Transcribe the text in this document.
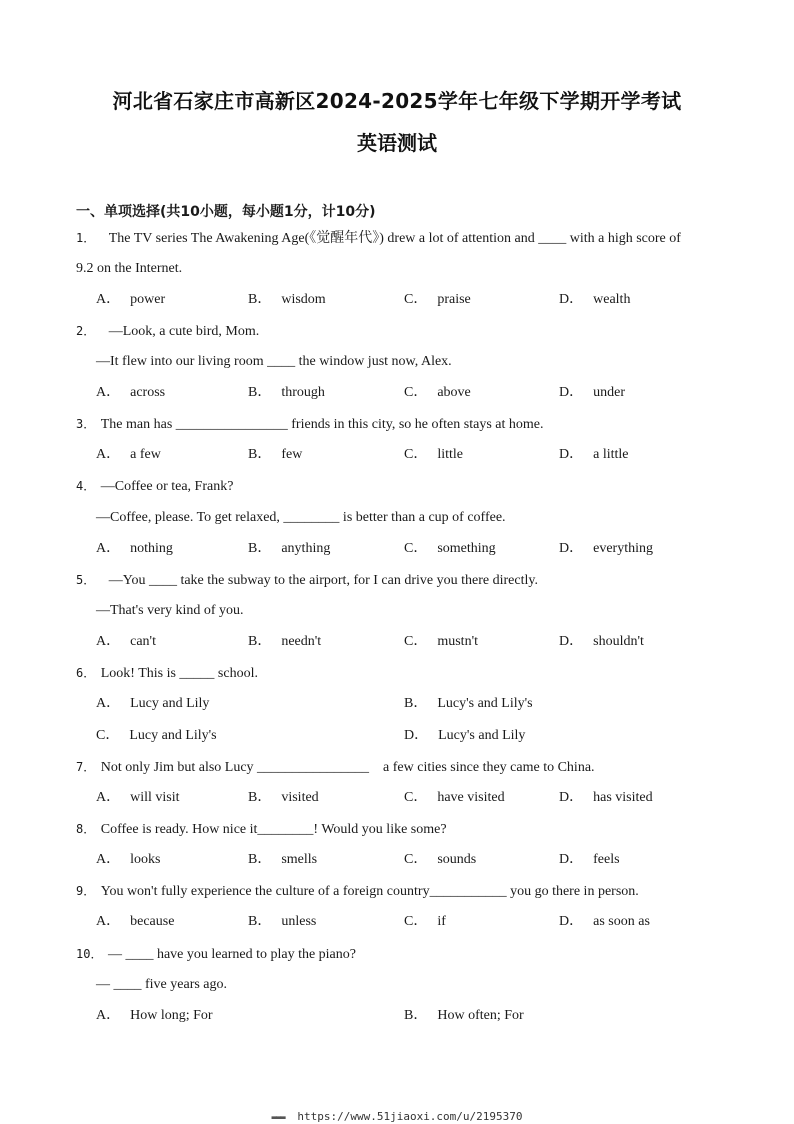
河北省石家庄市高新区2024-2025学年七年级下学期开学考试
英语测试
一、单项选择(共10小题，每小题1分，计10分)
1． The TV series The Awakening Age(《觉醒年代》) drew a lot of attention and ____ with a high score of
9.2 on the Internet.
A． power	B． wisdom	C． praise	D． wealth
2． —Look, a cute bird, Mom.
—It flew into our living room ____ the window just now, Alex.
A． across	B． through	C． above	D． under
3． The man has ________________ friends in this city, so he often stays at home.
A． a few	B． few	C． little	D． a little
4． —Coffee or tea, Frank?
—Coffee, please. To get relaxed, ________ is better than a cup of coffee.
A． nothing	B． anything	C． something	D． everything
5． —You ____ take the subway to the airport, for I can drive you there directly.
—That's very kind of you.
A． can't	B． needn't	C． mustn't	D． shouldn't
6． Look! This is _____ school.
A． Lucy and Lily	B． Lucy's and Lily's
C． Lucy and Lily's	D． Lucy's and Lily
7． Not only Jim but also Lucy ________________    a few cities since they came to China.
A． will visit	B． visited	C． have visited	D． has visited
8． Coffee is ready. How nice it________! Would you like some?
A． looks	B． smells	C． sounds	D． feels
9． You won't fully experience the culture of a foreign country___________ you go there in person.
A． because	B． unless	C． if	D． as soon as
10． — ____ have you learned to play the piano?
— ____ five years ago.
A． How long; For	B． How often; For
▬▬▬ https://www.51jiaoxi.com/u/2195370
